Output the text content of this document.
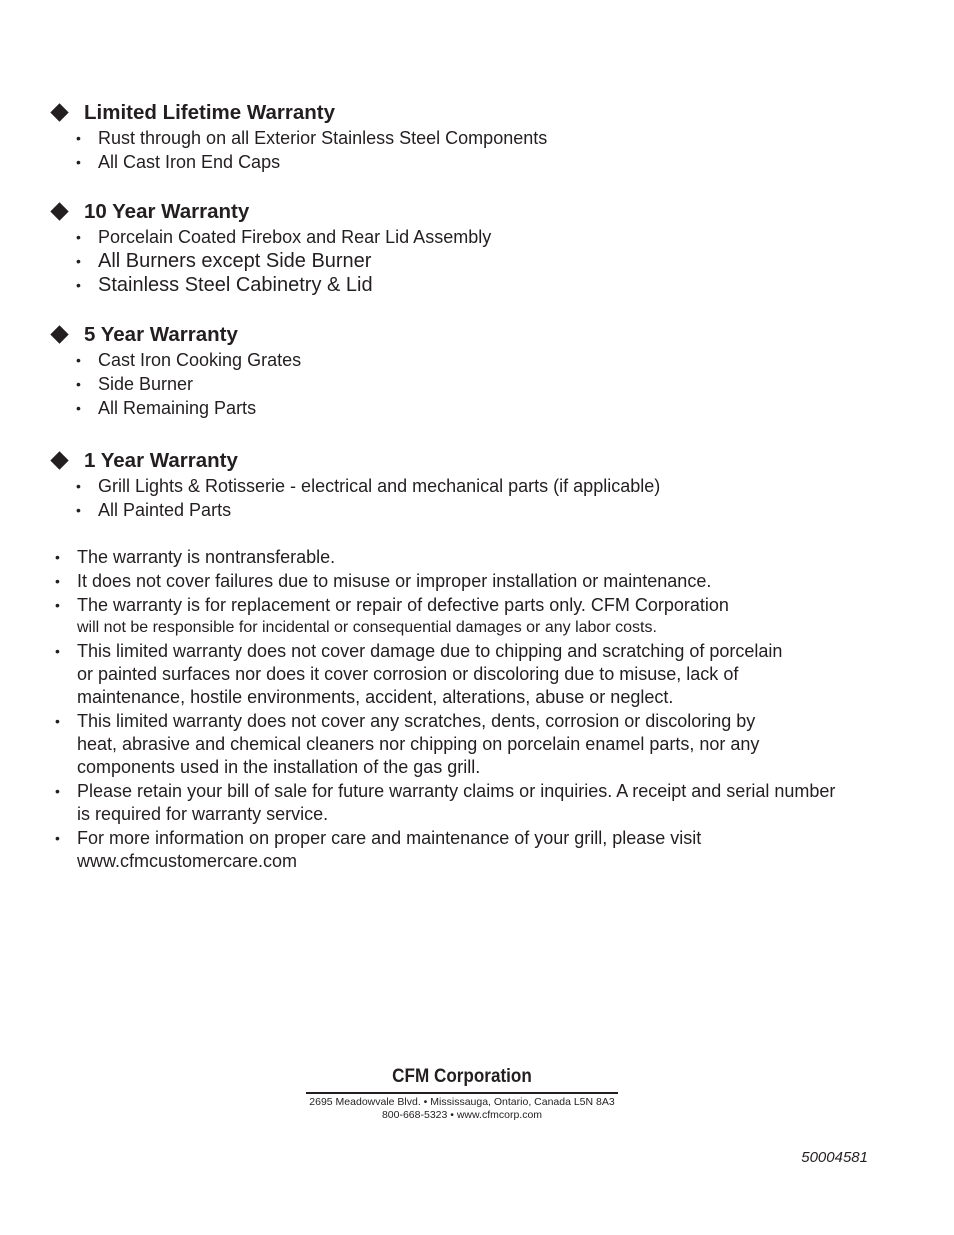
Limited Lifetime Warranty
• Rust through on all Exterior Stainless Steel Components
• All Cast Iron End Caps
10 Year Warranty
• Porcelain Coated Firebox and Rear Lid Assembly
• All Burners except Side Burner
• Stainless Steel Cabinetry & Lid
5 Year Warranty
• Cast Iron Cooking Grates
• Side Burner
• All Remaining Parts
1 Year Warranty
• Grill Lights & Rotisserie - electrical and mechanical parts (if applicable)
• All Painted Parts
• The warranty is nontransferable.
• It does not cover failures due to misuse or improper installation or maintenance.
• The warranty is for replacement or repair of defective parts only. CFM Corporation
will not be responsible for incidental or consequential damages or any labor costs.
• This limited warranty does not cover damage due to chipping and scratching of porcelain
or painted surfaces nor does it cover corrosion or discoloring due to misuse, lack of
maintenance, hostile environments, accident, alterations, abuse or neglect.
• This limited warranty does not cover any scratches, dents, corrosion or discoloring by
heat, abrasive and chemical cleaners nor chipping on porcelain enamel parts, nor any
components used in the installation of the gas grill.
• Please retain your bill of sale for future warranty claims or inquiries. A receipt and serial number
is required for warranty service.
• For more information on proper care and maintenance of your grill, please visit
www.cfmcustomercare.com
CFM Corporation
2695 Meadowvale Blvd. • Mississauga, Ontario, Canada L5N 8A3
800-668-5323 • www.cfmcorp.com
50004581
